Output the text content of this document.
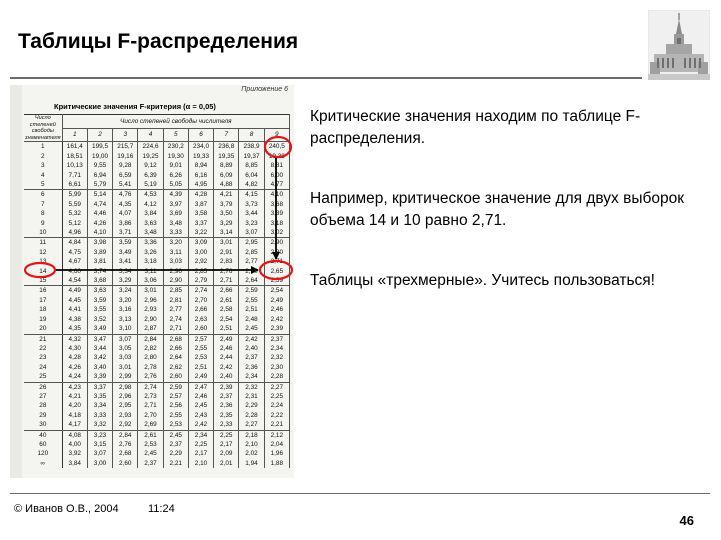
Таблицы F-распределения
Приложение 6
Критические значения F-критерия (α = 0,05)
Число степеней свободы знаменателя	Число степеней свободы числителя								
	1	2	3	4	5	6	7	8	9
1	161,4	199,5	215,7	224,6	230,2	234,0	236,8	238,9	240,5
2	18,51	19,00	19,16	19,25	19,30	19,33	19,35	19,37	19,38
3	10,13	9,55	9,28	9,12	9,01	8,94	8,89	8,85	8,81
4	7,71	6,94	6,59	6,39	6,26	6,16	6,09	6,04	6,00
5	6,61	5,79	5,41	5,19	5,05	4,95	4,88	4,82	4,77
6	5,99	5,14	4,76	4,53	4,39	4,28	4,21	4,15	4,10
7	5,59	4,74	4,35	4,12	3,97	3,87	3,79	3,73	3,68
8	5,32	4,46	4,07	3,84	3,69	3,58	3,50	3,44	3,39
9	5,12	4,26	3,86	3,63	3,48	3,37	3,29	3,23	3,18
10	4,96	4,10	3,71	3,48	3,33	3,22	3,14	3,07	3,02
11	4,84	3,98	3,59	3,36	3,20	3,09	3,01	2,95	2,90
12	4,75	3,89	3,49	3,26	3,11	3,00	2,91	2,85	2,80
13	4,67	3,81	3,41	3,18	3,03	2,92	2,83	2,77	2,71
14	4,60	3,74	3,34	3,11	2,96	2,85	2,76	2,70	2,65
15	4,54	3,68	3,29	3,06	2,90	2,79	2,71	2,64	2,59
16	4,49	3,63	3,24	3,01	2,85	2,74	2,66	2,59	2,54
17	4,45	3,59	3,20	2,96	2,81	2,70	2,61	2,55	2,49
18	4,41	3,55	3,16	2,93	2,77	2,66	2,58	2,51	2,46
19	4,38	3,52	3,13	2,90	2,74	2,63	2,54	2,48	2,42
20	4,35	3,49	3,10	2,87	2,71	2,60	2,51	2,45	2,39
21	4,32	3,47	3,07	2,84	2,68	2,57	2,49	2,42	2,37
22	4,30	3,44	3,05	2,82	2,66	2,55	2,46	2,40	2,34
23	4,28	3,42	3,03	2,80	2,64	2,53	2,44	2,37	2,32
24	4,26	3,40	3,01	2,78	2,62	2,51	2,42	2,36	2,30
25	4,24	3,39	2,99	2,76	2,60	2,49	2,40	2,34	2,28
26	4,23	3,37	2,98	2,74	2,59	2,47	2,39	2,32	2,27
27	4,21	3,35	2,96	2,73	2,57	2,46	2,37	2,31	2,25
28	4,20	3,34	2,95	2,71	2,56	2,45	2,36	2,29	2,24
29	4,18	3,33	2,93	2,70	2,55	2,43	2,35	2,28	2,22
30	4,17	3,32	2,92	2,69	2,53	2,42	2,33	2,27	2,21
40	4,08	3,23	2,84	2,61	2,45	2,34	2,25	2,18	2,12
60	4,00	3,15	2,76	2,53	2,37	2,25	2,17	2,10	2,04
120	3,92	3,07	2,68	2,45	2,29	2,17	2,09	2,02	1,96
∞	3,84	3,00	2,60	2,37	2,21	2,10	2,01	1,94	1,88
Критические значения находим по таблице F-распределения.
Например, критическое значение для двух выборок объема 14 и 10 равно 2,71.
Таблицы «трехмерные». Учитесь пользоваться!
© Иванов О.В., 2004	11:24
46
